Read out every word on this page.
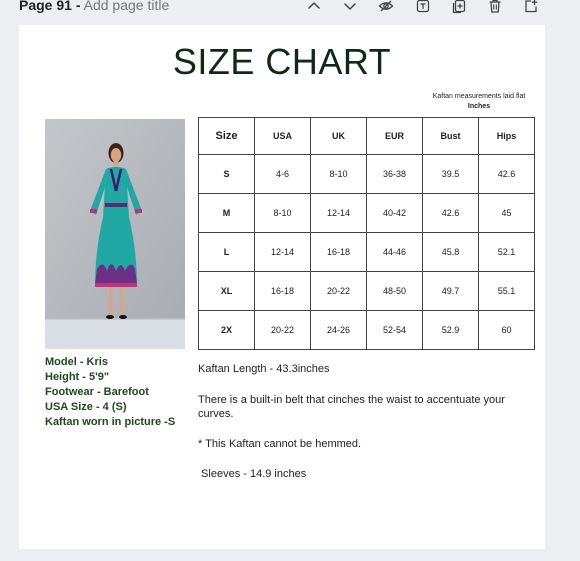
Page 91 - Add page title
SIZE CHART
Kaftan measurements laid flat
Inches
Model - Kris
Height - 5'9"
Footwear - Barefoot
USA Size - 4 (S)
Kaftan worn in picture -S
Size	USA	UK	EUR	Bust	Hips
S	4-6	8-10	36-38	39.5	42.6
M	8-10	12-14	40-42	42.6	45
L	12-14	16-18	44-46	45.8	52.1
XL	16-18	20-22	48-50	49.7	55.1
2X	20-22	24-26	52-54	52.9	60

Kaftan Length - 43.3inches

There is a built-in belt that cinches the waist to accentuate your curves.

* This Kaftan cannot be hemmed.

Sleeves - 14.9 inches
